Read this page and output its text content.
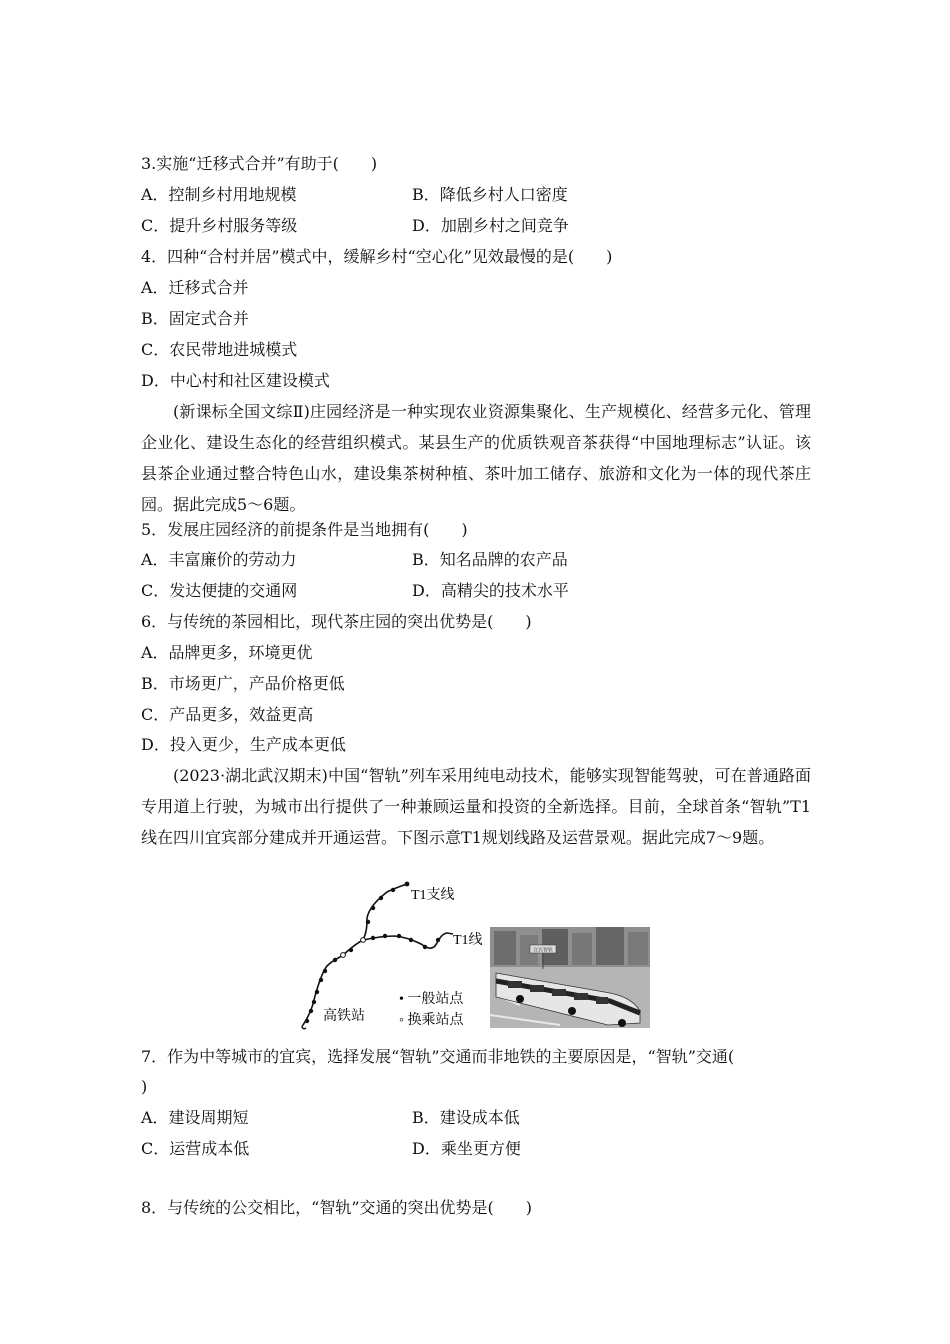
3.实施“迁移式合并”有助于(　　)
A．控制乡村用地规模	B．降低乡村人口密度
C．提升乡村服务等级	D．加剧乡村之间竞争
4．四种“合村并居”模式中，缓解乡村“空心化”见效最慢的是(　　)
A．迁移式合并
B．固定式合并
C．农民带地进城模式
D．中心村和社区建设模式
(新课标全国文综Ⅱ)庄园经济是一种实现农业资源集聚化、生产规模化、经营多元化、管理企业化、建设生态化的经营组织模式。某县生产的优质铁观音茶获得“中国地理标志”认证。该县茶企业通过整合特色山水，建设集茶树种植、茶叶加工储存、旅游和文化为一体的现代茶庄园。据此完成5～6题。
5．发展庄园经济的前提条件是当地拥有(　　)
A．丰富廉价的劳动力	B．知名品牌的农产品
C．发达便捷的交通网	D．高精尖的技术水平
6．与传统的茶园相比，现代茶庄园的突出优势是(　　)
A．品牌更多，环境更优
B．市场更广，产品价格更低
C．产品更多，效益更高
D．投入更少，生产成本更低
(2023·湖北武汉期末)中国“智轨”列车采用纯电动技术，能够实现智能驾驶，可在普通路面专用道上行驶，为城市出行提供了一种兼顾运量和投资的全新选择。目前，全球首条“智轨”T1线在四川宜宾部分建成并开通运营。下图示意T1规划线路及运营景观。据此完成7～9题。
T1支线
T1线
高铁站
• 一般站点
◦ 换乘站点
宜宾智轨
7．作为中等城市的宜宾，选择发展“智轨”交通而非地铁的主要原因是，“智轨”交通(
)
A．建设周期短	B．建设成本低
C．运营成本低	D．乘坐更方便
8．与传统的公交相比，“智轨”交通的突出优势是(　　)
